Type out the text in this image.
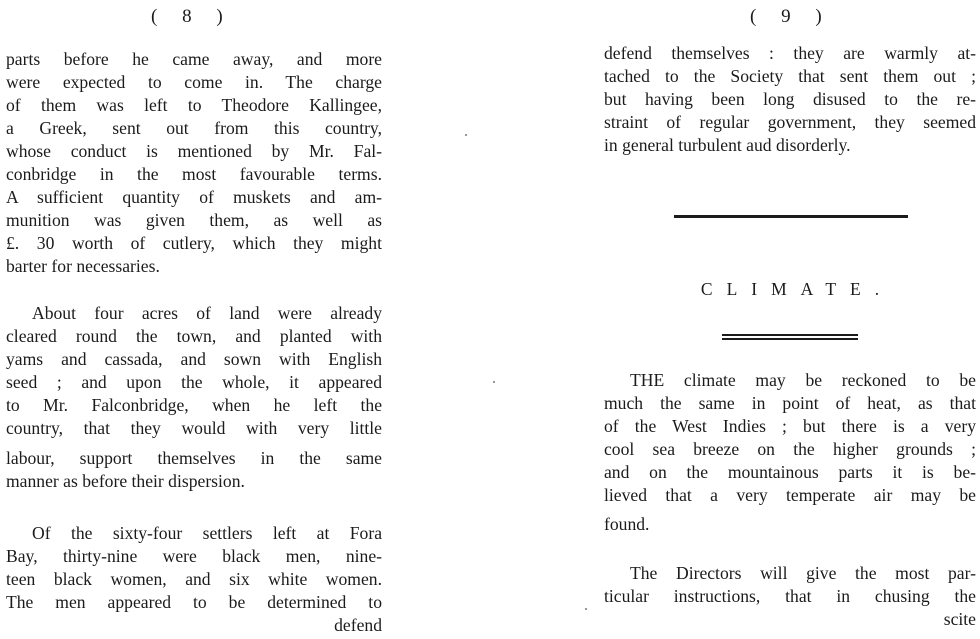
( 8 )
parts before he came away, and more
were expected to come in. The charge
of them was left to Theodore Kallingee,
a Greek, sent out from this country,
whose conduct is mentioned by Mr. Fal-
conbridge in the most favourable terms.
A sufficient quantity of muskets and am-
munition was given them, as well as
£. 30 worth of cutlery, which they might
barter for necessaries.
About four acres of land were already
cleared round the town, and planted with
yams and cassada, and sown with English
seed ; and upon the whole, it appeared
to Mr. Falconbridge, when he left the
country, that they would with very little
labour, support themselves in the same
manner as before their dispersion.
Of the sixty-four settlers left at Fora
Bay, thirty-nine were black men, nine-
teen black women, and six white women.
The men appeared to be determined to
defend
( 9 )
defend themselves : they are warmly at-
tached to the Society that sent them out ;
but having been long disused to the re-
straint of regular government, they seemed
in general turbulent aud disorderly.
CLIMATE.
THE climate may be reckoned to be
much the same in point of heat, as that
of the West Indies ; but there is a very
cool sea breeze on the higher grounds ;
and on the mountainous parts it is be-
lieved that a very temperate air may be
found.
The Directors will give the most par-
ticular instructions, that in chusing the
scite
